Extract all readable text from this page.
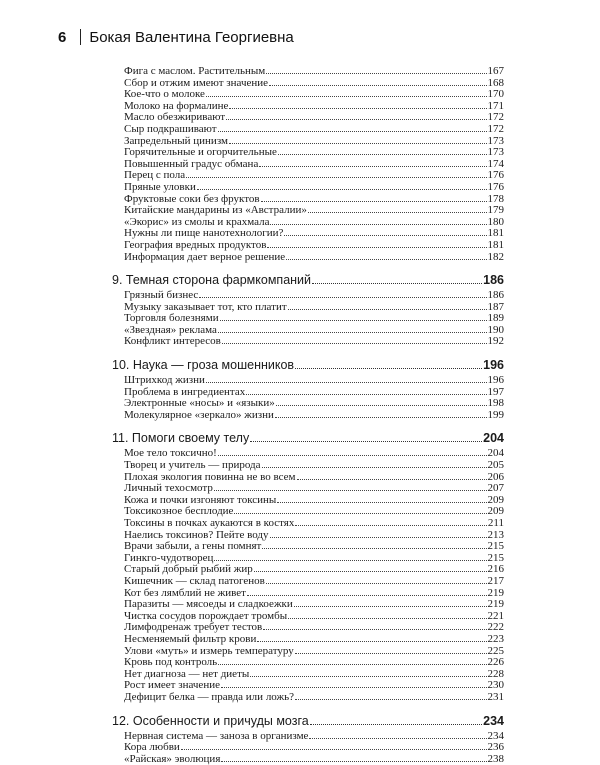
6 Бокая Валентина Георгиевна
Фига с маслом. Растительным	167
Сбор и отжим имеют значение	168
Кое-что о молоке	170
Молоко на формалине	171
Масло обезжиривают	172
Сыр подкрашивают	172
Запредельный цинизм	173
Горячительные и огорчительные	173
Повышенный градус обмана	174
Перец с пола	176
Пряные уловки	176
Фруктовые соки без фруктов	178
Китайские мандарины из «Австралии»	179
«Экорис» из смолы и крахмала	180
Нужны ли пище нанотехнологии?	181
География вредных продуктов	181
Информация дает верное решение	182
9. Темная сторона фармкомпаний	186
Грязный бизнес	186
Музыку заказывает тот, кто платит	187
Торговля болезнями	189
«Звездная» реклама	190
Конфликт интересов	192
10. Наука — гроза мошенников	196
Штрихкод жизни	196
Проблема в ингредиентах	197
Электронные «носы» и «языки»	198
Молекулярное «зеркало» жизни	199
11. Помоги своему телу	204
Мое тело токсично!	204
Творец и учитель — природа	205
Плохая экология повинна не во всем	206
Личный техосмотр	207
Кожа и почки изгоняют токсины	209
Токсикозное бесплодие	209
Токсины в почках аукаются в костях	211
Наелись токсинов? Пейте воду	213
Врачи забыли, а гены помнят	215
Гинкго-чудотворец	215
Старый добрый рыбий жир	216
Кишечник — склад патогенов	217
Кот без лямблий не живет	219
Паразиты — мясоеды и сладкоежки	219
Чистка сосудов порождает тромбы	221
Лимфодренаж требует тестов	222
Несменяемый фильтр крови	223
Улови «муть» и измерь температуру	225
Кровь под контроль	226
Нет диагноза — нет диеты	228
Рост имеет значение	230
Дефицит белка — правда или ложь?	231
12. Особенности и причуды мозга	234
Нервная система — заноза в организме	234
Кора любви	236
«Райская» эволюция	238
